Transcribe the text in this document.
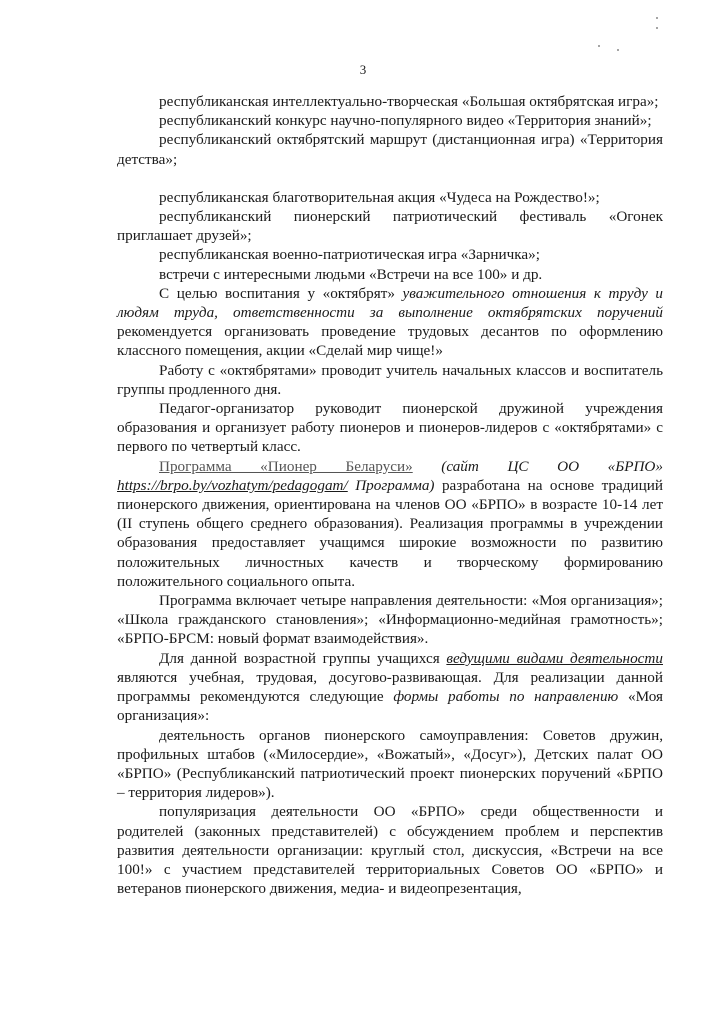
3

республиканская интеллектуально-творческая «Большая октябрятская игра»;

республиканский конкурс научно-популярного видео «Территория знаний»;

республиканский октябрятский маршрут (дистанционная игра) «Территория детства»;

республиканская благотворительная акция «Чудеса на Рождество!»;

республиканский пионерский патриотический фестиваль «Огонек приглашает друзей»;

республиканская военно-патриотическая игра «Зарничка»;

встречи с интересными людьми «Встречи на все 100» и др.

С целью воспитания у «октябрят» уважительного отношения к труду и людям труда, ответственности за выполнение октябрятских поручений рекомендуется организовать проведение трудовых десантов по оформлению классного помещения, акции «Сделай мир чище!»

Работу с «октябрятами» проводит учитель начальных классов и воспитатель группы продленного дня.

Педагог-организатор руководит пионерской дружиной учреждения образования и организует работу пионеров и пионеров-лидеров с «октябрятами» с первого по четвертый класс.

Программа «Пионер Беларуси» (сайт ЦС ОО «БРПО» https://brpo.by/vozhatym/pedagogam/ Программа) разработана на основе традиций пионерского движения, ориентирована на членов ОО «БРПО» в возрасте 10-14 лет (II ступень общего среднего образования). Реализация программы в учреждении образования предоставляет учащимся широкие возможности по развитию положительных личностных качеств и творческому формированию положительного социального опыта.

Программа включает четыре направления деятельности: «Моя организация»; «Школа гражданского становления»; «Информационно-медийная грамотность»; «БРПО-БРСМ: новый формат взаимодействия».

Для данной возрастной группы учащихся ведущими видами деятельности являются учебная, трудовая, досугово-развивающая. Для реализации данной программы рекомендуются следующие формы работы по направлению «Моя организация»:

деятельность органов пионерского самоуправления: Советов дружин, профильных штабов («Милосердие», «Вожатый», «Досуг»), Детских палат ОО «БРПО» (Республиканский патриотический проект пионерских поручений «БРПО – территория лидеров»).

популяризация деятельности ОО «БРПО» среди общественности и родителей (законных представителей) с обсуждением проблем и перспектив развития деятельности организации: круглый стол, дискуссия, «Встречи на все 100!» с участием представителей территориальных Советов ОО «БРПО» и ветеранов пионерского движения, медиа- и видеопрезентация,
